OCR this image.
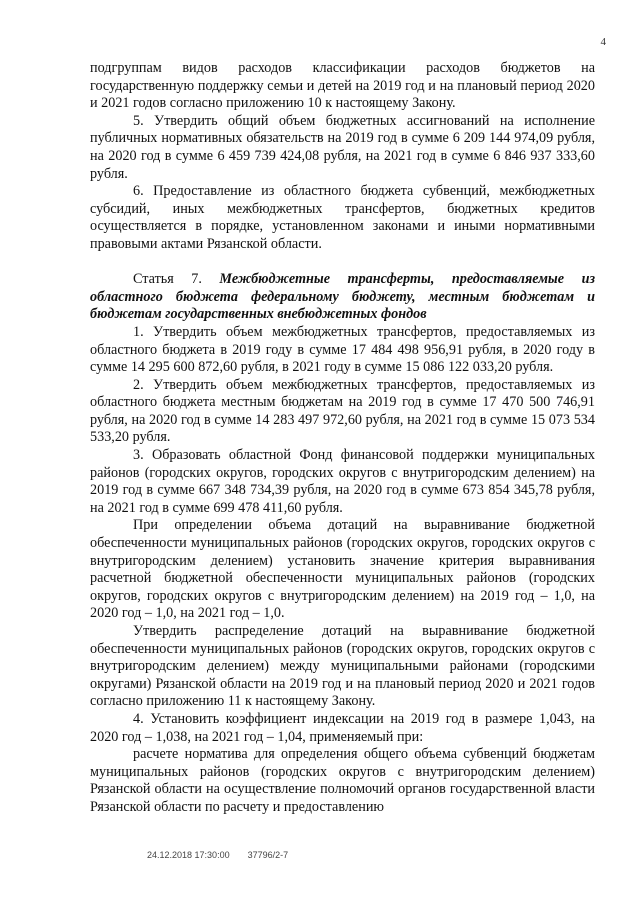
4

подгруппам видов расходов классификации расходов бюджетов на государственную поддержку семьи и детей на 2019 год и на плановый период 2020 и 2021 годов согласно приложению 10 к настоящему Закону.

5. Утвердить общий объем бюджетных ассигнований на исполнение публичных нормативных обязательств на 2019 год в сумме 6 209 144 974,09 рубля, на 2020 год в сумме 6 459 739 424,08 рубля, на 2021 год в сумме 6 846 937 333,60 рубля.

6. Предоставление из областного бюджета субвенций, межбюджетных субсидий, иных межбюджетных трансфертов, бюджетных кредитов осуществляется в порядке, установленном законами и иными нормативными правовыми актами Рязанской области.

Статья 7. Межбюджетные трансферты, предоставляемые из областного бюджета федеральному бюджету, местным бюджетам и бюджетам государственных внебюджетных фондов

1. Утвердить объем межбюджетных трансфертов, предоставляемых из областного бюджета в 2019 году в сумме 17 484 498 956,91 рубля, в 2020 году в сумме 14 295 600 872,60 рубля, в 2021 году в сумме 15 086 122 033,20 рубля.

2. Утвердить объем межбюджетных трансфертов, предоставляемых из областного бюджета местным бюджетам на 2019 год в сумме 17 470 500 746,91 рубля, на 2020 год в сумме 14 283 497 972,60 рубля, на 2021 год в сумме 15 073 534 533,20 рубля.

3. Образовать областной Фонд финансовой поддержки муниципальных районов (городских округов, городских округов с внутригородским делением) на 2019 год в сумме 667 348 734,39 рубля, на 2020 год в сумме 673 854 345,78 рубля, на 2021 год в сумме 699 478 411,60 рубля.

При определении объема дотаций на выравнивание бюджетной обеспеченности муниципальных районов (городских округов, городских округов с внутригородским делением) установить значение критерия выравнивания расчетной бюджетной обеспеченности муниципальных районов (городских округов, городских округов с внутригородским делением) на 2019 год – 1,0, на 2020 год – 1,0, на 2021 год – 1,0.

Утвердить распределение дотаций на выравнивание бюджетной обеспеченности муниципальных районов (городских округов, городских округов с внутригородским делением) между муниципальными районами (городскими округами) Рязанской области на 2019 год и на плановый период 2020 и 2021 годов согласно приложению 11 к настоящему Закону.

4. Установить коэффициент индексации на 2019 год в размере 1,043, на 2020 год – 1,038, на 2021 год – 1,04, применяемый при:

расчете норматива для определения общего объема субвенций бюджетам муниципальных районов (городских округов с внутригородским делением) Рязанской области на осуществление полномочий органов государственной власти Рязанской области по расчету и предоставлению

24.12.2018 17:30:00 37796/2-7
